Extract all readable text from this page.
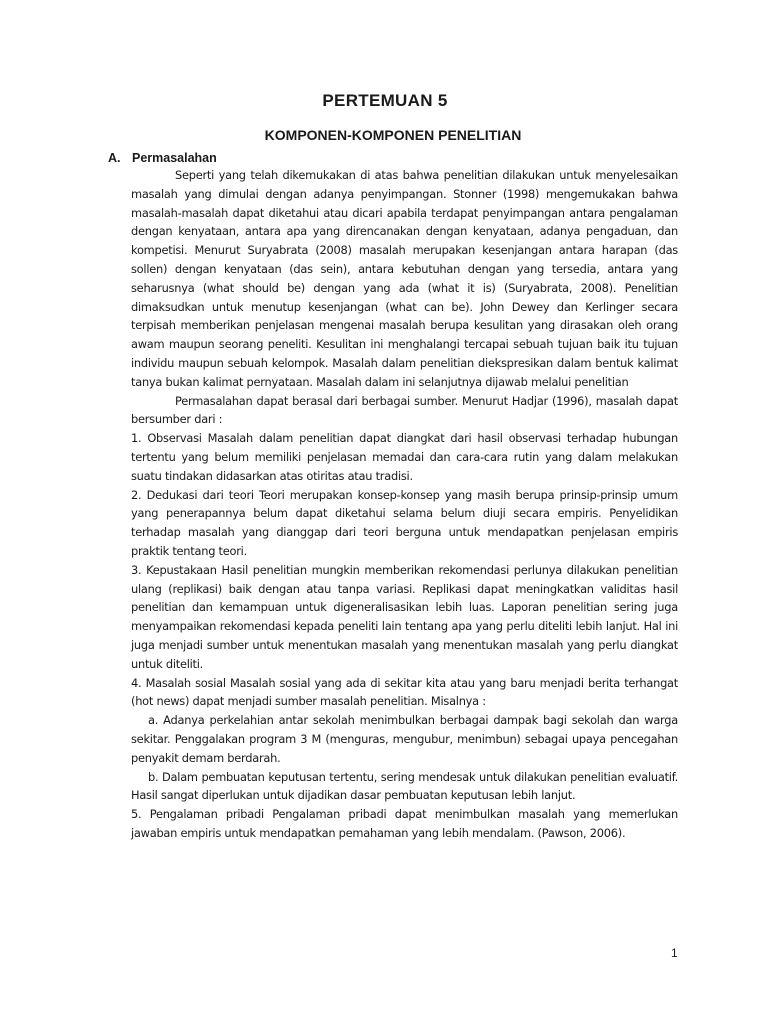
PERTEMUAN 5
KOMPONEN-KOMPONEN PENELITIAN
A. Permasalahan

Seperti yang telah dikemukakan di atas bahwa penelitian dilakukan untuk menyelesaikan masalah yang dimulai dengan adanya penyimpangan. Stonner (1998) mengemukakan bahwa masalah-masalah dapat diketahui atau dicari apabila terdapat penyimpangan antara pengalaman dengan kenyataan, antara apa yang direncanakan dengan kenyataan, adanya pengaduan, dan kompetisi. Menurut Suryabrata (2008) masalah merupakan kesenjangan antara harapan (das sollen) dengan kenyataan (das sein), antara kebutuhan dengan yang tersedia, antara yang seharusnya (what should be) dengan yang ada (what it is) (Suryabrata, 2008). Penelitian dimaksudkan untuk menutup kesenjangan (what can be). John Dewey dan Kerlinger secara terpisah memberikan penjelasan mengenai masalah berupa kesulitan yang dirasakan oleh orang awam maupun seorang peneliti. Kesulitan ini menghalangi tercapai sebuah tujuan baik itu tujuan individu maupun sebuah kelompok. Masalah dalam penelitian diekspresikan dalam bentuk kalimat tanya bukan kalimat pernyataan. Masalah dalam ini selanjutnya dijawab melalui penelitian

Permasalahan dapat berasal dari berbagai sumber. Menurut Hadjar (1996), masalah dapat bersumber dari :

1. Observasi Masalah dalam penelitian dapat diangkat dari hasil observasi terhadap hubungan tertentu yang belum memiliki penjelasan memadai dan cara-cara rutin yang dalam melakukan suatu tindakan didasarkan atas otiritas atau tradisi.

2. Dedukasi dari teori Teori merupakan konsep-konsep yang masih berupa prinsip-prinsip umum yang penerapannya belum dapat diketahui selama belum diuji secara empiris. Penyelidikan terhadap masalah yang dianggap dari teori berguna untuk mendapatkan penjelasan empiris praktik tentang teori.

3. Kepustakaan Hasil penelitian mungkin memberikan rekomendasi perlunya dilakukan penelitian ulang (replikasi) baik dengan atau tanpa variasi. Replikasi dapat meningkatkan validitas hasil penelitian dan kemampuan untuk digeneralisasikan lebih luas. Laporan penelitian sering juga menyampaikan rekomendasi kepada peneliti lain tentang apa yang perlu diteliti lebih lanjut. Hal ini juga menjadi sumber untuk menentukan masalah yang menentukan masalah yang perlu diangkat untuk diteliti.

4. Masalah sosial Masalah sosial yang ada di sekitar kita atau yang baru menjadi berita terhangat (hot news) dapat menjadi sumber masalah penelitian. Misalnya :

a. Adanya perkelahian antar sekolah menimbulkan berbagai dampak bagi sekolah dan warga sekitar. Penggalakan program 3 M (menguras, mengubur, menimbun) sebagai upaya pencegahan penyakit demam berdarah.

b. Dalam pembuatan keputusan tertentu, sering mendesak untuk dilakukan penelitian evaluatif. Hasil sangat diperlukan untuk dijadikan dasar pembuatan keputusan lebih lanjut.

5. Pengalaman pribadi Pengalaman pribadi dapat menimbulkan masalah yang memerlukan jawaban empiris untuk mendapatkan pemahaman yang lebih mendalam. (Pawson, 2006).

1
